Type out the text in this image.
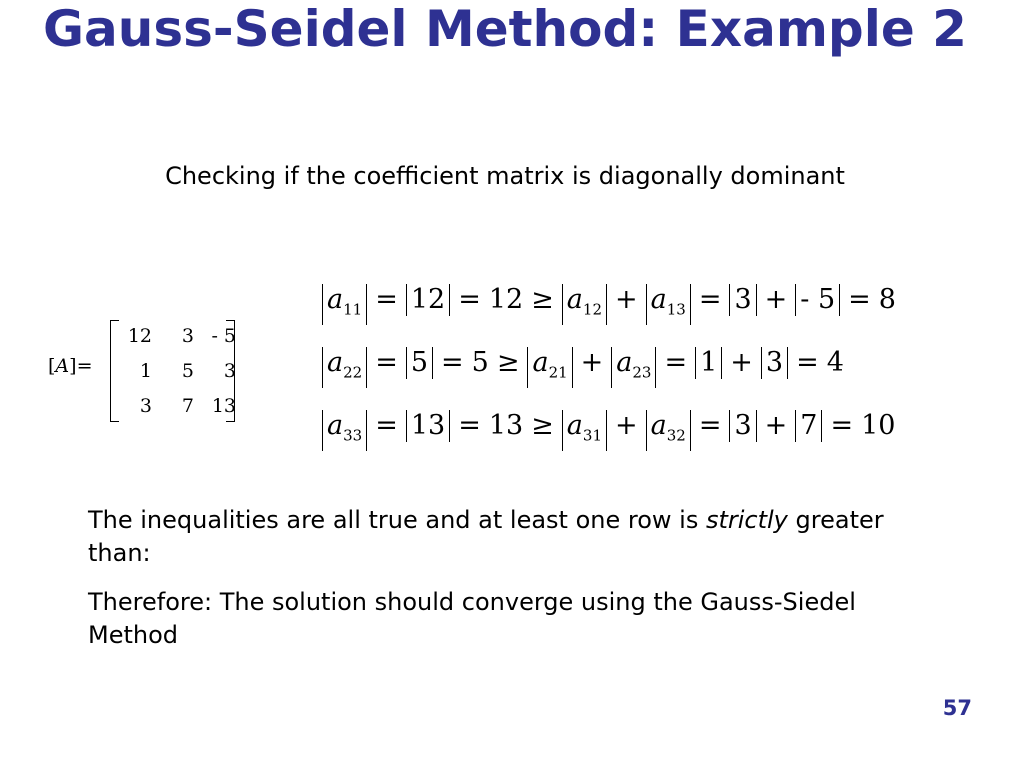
Gauss-Seidel Method: Example 2
Checking if the coefficient matrix is diagonally dominant
[A]=
12	3	- 5
1	5	3
3	7	13
$a_{11} = 12 = 12 \ge a_{12} + a_{13} = 3$ + - 5 = 8
$a_{22} = 5 = 5 \ge a_{21} + a_{23} = 1 + 3 = 4$
$a_{33} = 13 = 13 \ge a_{31} + a_{32} = 3 + 7 = 10$

The inequalities are all true and at least one row is strictly greater than:

Therefore: The solution should converge using the Gauss-Siedel Method

57
